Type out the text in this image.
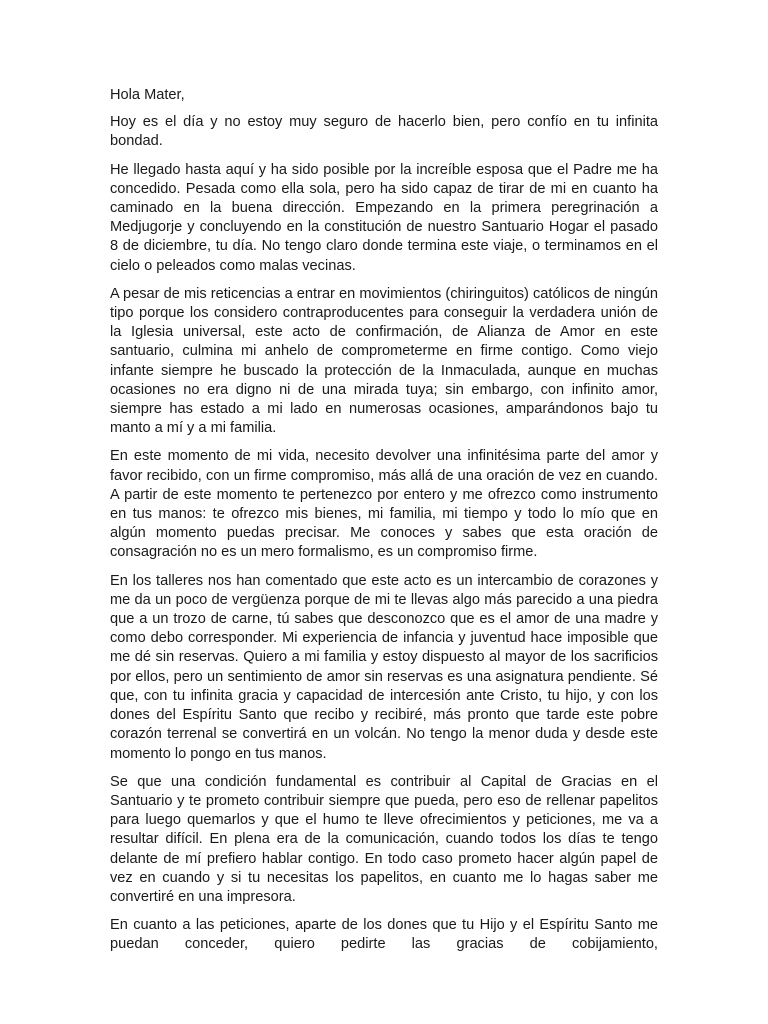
Hola Mater,

Hoy es el día y no estoy muy seguro de hacerlo bien, pero confío en tu infinita bondad.

He llegado hasta aquí y ha sido posible por la increíble esposa que el Padre me ha concedido. Pesada como ella sola, pero ha sido capaz de tirar de mi en cuanto ha caminado en la buena dirección. Empezando en la primera peregrinación a Medjugorje y concluyendo en la constitución de nuestro Santuario Hogar el pasado 8 de diciembre, tu día. No tengo claro donde termina este viaje, o terminamos en el cielo o peleados como malas vecinas.

A pesar de mis reticencias a entrar en movimientos (chiringuitos) católicos de ningún tipo porque los considero contraproducentes para conseguir la verdadera unión de la Iglesia universal, este acto de confirmación, de Alianza de Amor en este santuario, culmina mi anhelo de comprometerme en firme contigo. Como viejo infante siempre he buscado la protección de la Inmaculada, aunque en muchas ocasiones no era digno ni de una mirada tuya; sin embargo, con infinito amor, siempre has estado a mi lado en numerosas ocasiones, amparándonos bajo tu manto a mí y a mi familia.

En este momento de mi vida, necesito devolver una infinitésima parte del amor y favor recibido, con un firme compromiso, más allá de una oración de vez en cuando. A partir de este momento te pertenezco por entero y me ofrezco como instrumento en tus manos: te ofrezco mis bienes, mi familia, mi tiempo y todo lo mío que en algún momento puedas precisar. Me conoces y sabes que esta oración de consagración no es un mero formalismo, es un compromiso firme.

En los talleres nos han comentado que este acto es un intercambio de corazones y me da un poco de vergüenza porque de mi te llevas algo más parecido a una piedra que a un trozo de carne, tú sabes que desconozco que es el amor de una madre y como debo corresponder. Mi experiencia de infancia y juventud hace imposible que me dé sin reservas. Quiero a mi familia y estoy dispuesto al mayor de los sacrificios por ellos, pero un sentimiento de amor sin reservas es una asignatura pendiente. Sé que, con tu infinita gracia y capacidad de intercesión ante Cristo, tu hijo, y con los dones del Espíritu Santo que recibo y recibiré, más pronto que tarde este pobre corazón terrenal se convertirá en un volcán. No tengo la menor duda y desde este momento lo pongo en tus manos.

Se que una condición fundamental es contribuir al Capital de Gracias en el Santuario y te prometo contribuir siempre que pueda, pero eso de rellenar papelitos para luego quemarlos y que el humo te lleve ofrecimientos y peticiones, me va a resultar difícil. En plena era de la comunicación, cuando todos los días te tengo delante de mí prefiero hablar contigo. En todo caso prometo hacer algún papel de vez en cuando y si tu necesitas los papelitos, en cuanto me lo hagas saber me convertiré en una impresora.

En cuanto a las peticiones, aparte de los dones que tu Hijo y el Espíritu Santo me puedan conceder, quiero pedirte las gracias de cobijamiento,
